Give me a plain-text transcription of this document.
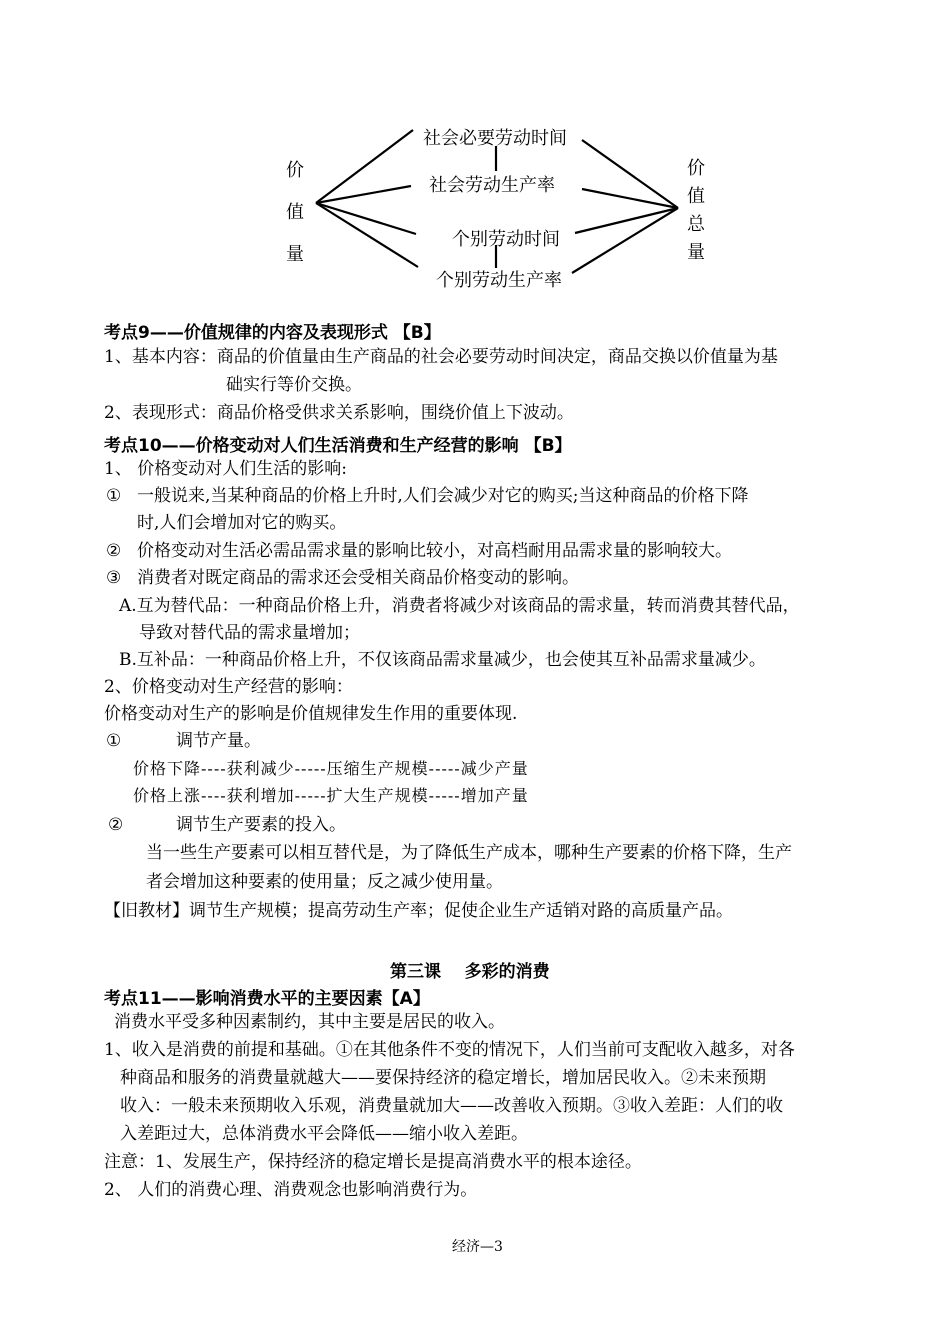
价
值
量
价
值
总
量
社会必要劳动时间
社会劳动生产率
个别劳动时间
个别劳动生产率
考点9——价值规律的内容及表现形式 【B】
1、基本内容：商品的价值量由生产商品的社会必要劳动时间决定，商品交换以价值量为基
础实行等价交换。
2、表现形式：商品价格受供求关系影响，围绕价值上下波动。
考点10——价格变动对人们生活消费和生产经营的影响 【B】
1、 价格变动对人们生活的影响:
① 一般说来,当某种商品的价格上升时,人们会减少对它的购买;当这种商品的价格下降
时,人们会增加对它的购买。
② 价格变动对生活必需品需求量的影响比较小，对高档耐用品需求量的影响较大。
③ 消费者对既定商品的需求还会受相关商品价格变动的影响。
A.互为替代品：一种商品价格上升，消费者将减少对该商品的需求量，转而消费其替代品，
导致对替代品的需求量增加；
B.互补品：一种商品价格上升，不仅该商品需求量减少，也会使其互补品需求量减少。
2、价格变动对生产经营的影响：
价格变动对生产的影响是价值规律发生作用的重要体现.
①	调节产量。
价格下降----获利减少-----压缩生产规模-----减少产量
价格上涨----获利增加-----扩大生产规模-----增加产量
②	调节生产要素的投入。
当一些生产要素可以相互替代是，为了降低生产成本，哪种生产要素的价格下降，生产
者会增加这种要素的使用量；反之减少使用量。
【旧教材】调节生产规模；提高劳动生产率；促使企业生产适销对路的高质量产品。
第三课    多彩的消费
考点11——影响消费水平的主要因素【A】
消费水平受多种因素制约，其中主要是居民的收入。
1、收入是消费的前提和基础。①在其他条件不变的情况下，人们当前可支配收入越多，对各
种商品和服务的消费量就越大——要保持经济的稳定增长，增加居民收入。②未来预期
收入：一般未来预期收入乐观，消费量就加大——改善收入预期。③收入差距：人们的收
入差距过大，总体消费水平会降低——缩小收入差距。
注意：1、发展生产，保持经济的稳定增长是提高消费水平的根本途径。
2、 人们的消费心理、消费观念也影响消费行为。
经济—3
